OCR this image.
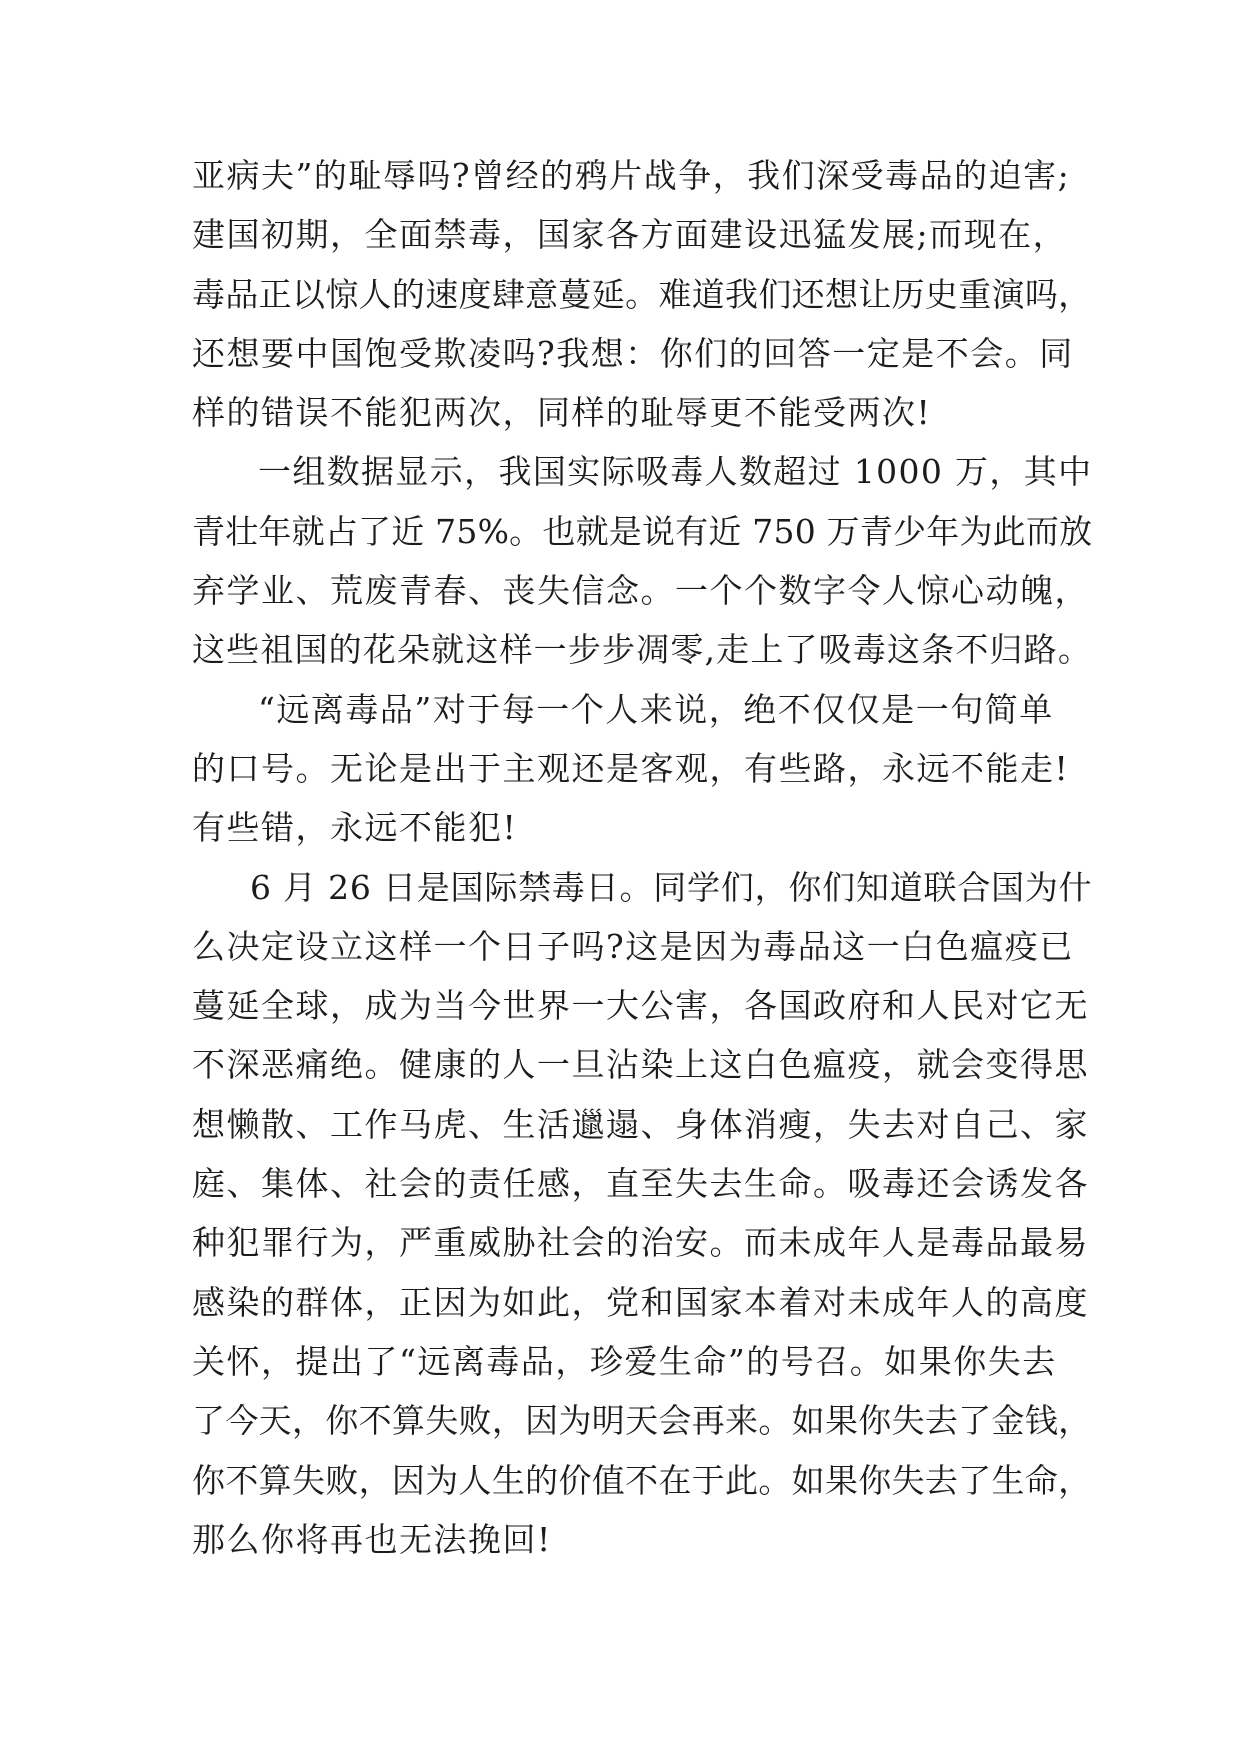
亚病夫”的耻辱吗?曾经的鸦片战争，我们深受毒品的迫害;
建国初期，全面禁毒，国家各方面建设迅猛发展;而现在，
毒品正以惊人的速度肆意蔓延。难道我们还想让历史重演吗，
还想要中国饱受欺凌吗?我想：你们的回答一定是不会。同
样的错误不能犯两次，同样的耻辱更不能受两次!
一组数据显示，我国实际吸毒人数超过 1000 万，其中
青壮年就占了近 75%。也就是说有近 750 万青少年为此而放
弃学业、荒废青春、丧失信念。一个个数字令人惊心动魄，
这些祖国的花朵就这样一步步凋零,走上了吸毒这条不归路。
“远离毒品”对于每一个人来说，绝不仅仅是一句简单
的口号。无论是出于主观还是客观，有些路，永远不能走!
有些错，永远不能犯!
6 月 26 日是国际禁毒日。同学们，你们知道联合国为什
么决定设立这样一个日子吗?这是因为毒品这一白色瘟疫已
蔓延全球，成为当今世界一大公害，各国政府和人民对它无
不深恶痛绝。健康的人一旦沾染上这白色瘟疫，就会变得思
想懒散、工作马虎、生活邋遢、身体消瘦，失去对自己、家
庭、集体、社会的责任感，直至失去生命。吸毒还会诱发各
种犯罪行为，严重威胁社会的治安。而未成年人是毒品最易
感染的群体，正因为如此，党和国家本着对未成年人的高度
关怀，提出了“远离毒品，珍爱生命”的号召。如果你失去
了今天，你不算失败，因为明天会再来。如果你失去了金钱，
你不算失败，因为人生的价值不在于此。如果你失去了生命，
那么你将再也无法挽回!
